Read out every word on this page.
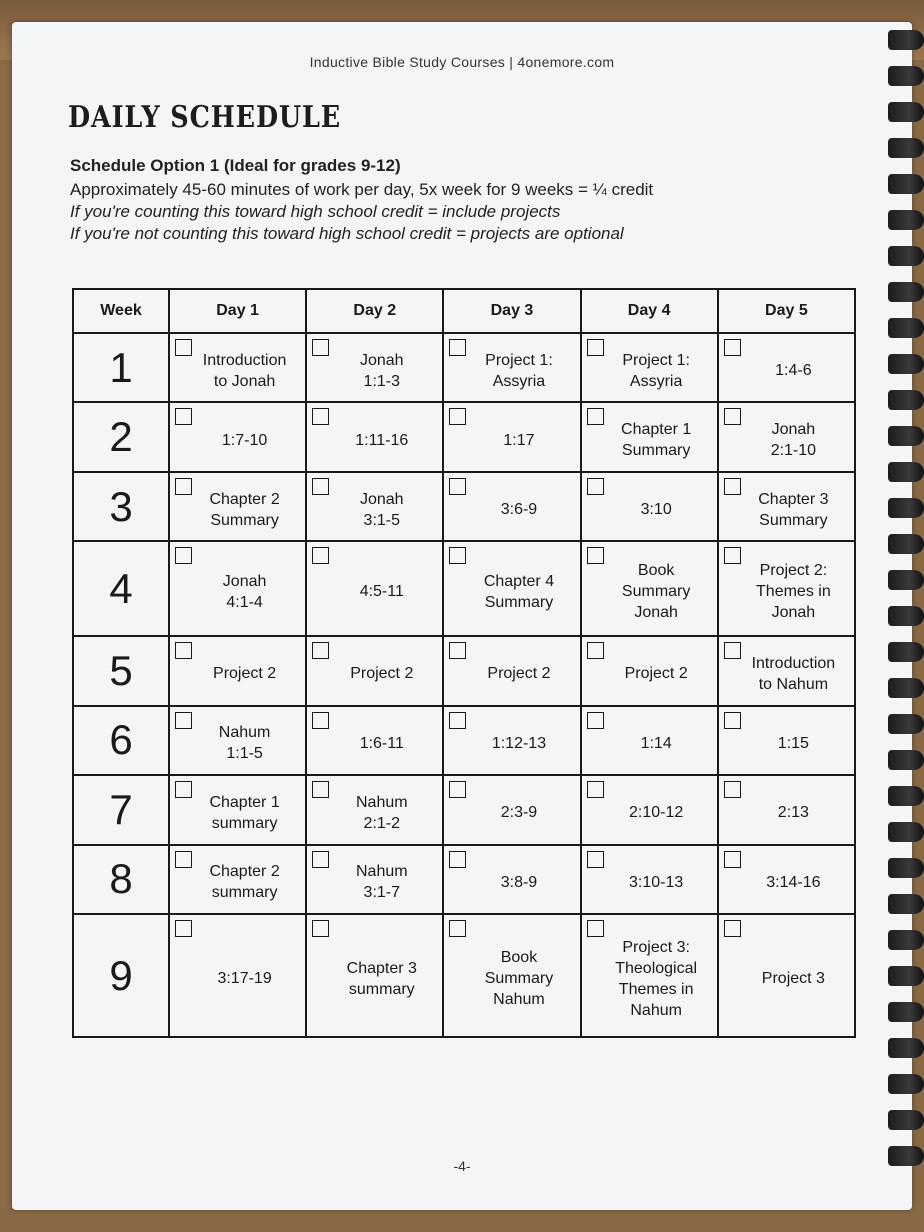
Inductive Bible Study Courses | 4onemore.com
DAILY SCHEDULE

Schedule Option 1 (Ideal for grades 9-12)

Approximately 45-60 minutes of work per day, 5x week for 9 weeks = ¼ credit

If you're counting this toward high school credit = include projects

If you're not counting this toward high school credit = projects are optional

Week	Day 1	Day 2	Day 3	Day 4	Day 5
1	Introduction
to Jonah	Jonah
1:1-3	Project 1:
Assyria	Project 1:
Assyria	1:4-6

2	1:7-10	1:11-16	1:17	Chapter 1
Summary	Jonah
2:1-10

3	Chapter 2
Summary	Jonah
3:1-5	3:6-9	3:10	Chapter 3
Summary

4	Jonah
4:1-4	4:5-11	Chapter 4
Summary	Book
Summary
Jonah	Project 2:
Themes in
Jonah

5	Project 2	Project 2	Project 2	Project 2	Introduction
to Nahum

6	Nahum
1:1-5	1:6-11	1:12-13	1:14	1:15

7	Chapter 1
summary	Nahum
2:1-2	2:3-9	2:10-12	2:13

8	Chapter 2
summary	Nahum
3:1-7	3:8-9	3:10-13	3:14-16

9	3:17-19	Chapter 3
summary	Book
Summary
Nahum	Project 3:
Theological
Themes in Nahum	Project 3
-4-
